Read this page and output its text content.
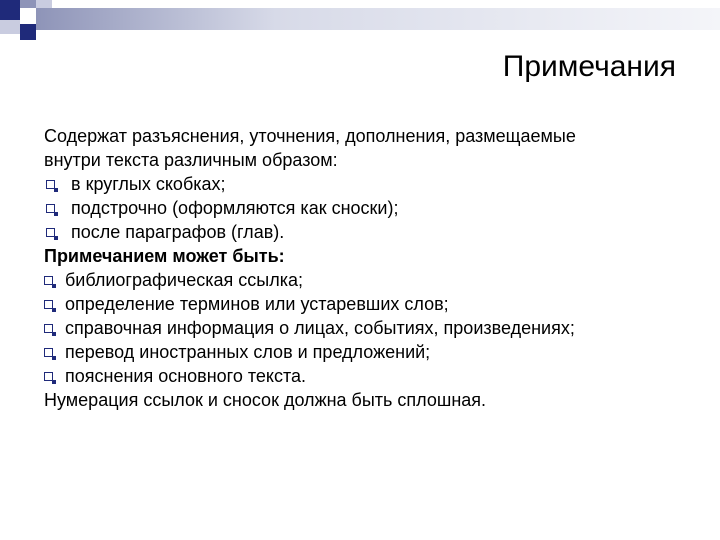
Примечания
Содержат разъяснения, уточнения, дополнения, размещаемые
внутри текста различным образом:
в круглых скобках;
подстрочно (оформляются как сноски);
после параграфов (глав).
Примечанием может быть:
библиографическая ссылка;
определение терминов или устаревших слов;
справочная информация о лицах, событиях, произведениях;
перевод иностранных слов и предложений;
пояснения основного текста.
Нумерация ссылок и сносок должна быть сплошная.
